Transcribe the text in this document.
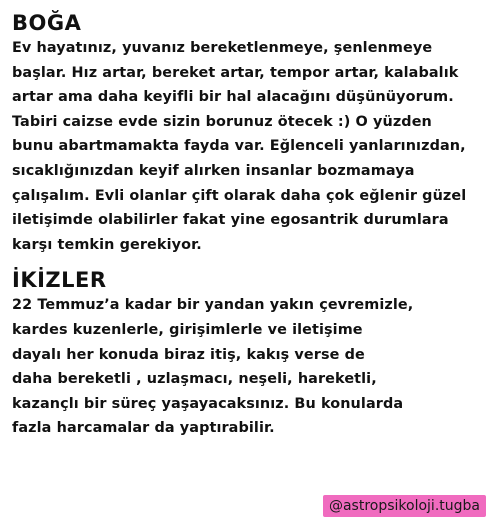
BOĞA

Ev hayatınız, yuvanız bereketlenmeye, şenlenmeye
başlar. Hız artar, bereket artar, tempor artar, kalabalık
artar ama daha keyifli bir hal alacağını düşünüyorum.
Tabiri caizse evde sizin borunuz ötecek :) O yüzden
bunu abartmamakta fayda var. Eğlenceli yanlarınızdan,
sıcaklığınızdan keyif alırken insanlar bozmamaya
çalışalım. Evli olanlar çift olarak daha çok eğlenir güzel
iletişimde olabilirler fakat yine egosantrik durumlara
karşı temkin gerekiyor.

İKİZLER

22 Temmuz’a kadar bir yandan yakın çevremizle,
kardes kuzenlerle, girişimlerle ve iletişime
dayalı her konuda biraz itiş, kakış verse de
daha bereketli , uzlaşmacı, neşeli, hareketli,
kazançlı bir süreç yaşayacaksınız. Bu konularda
fazla harcamalar da yaptırabilir.

@astropsikoloji.tugba
